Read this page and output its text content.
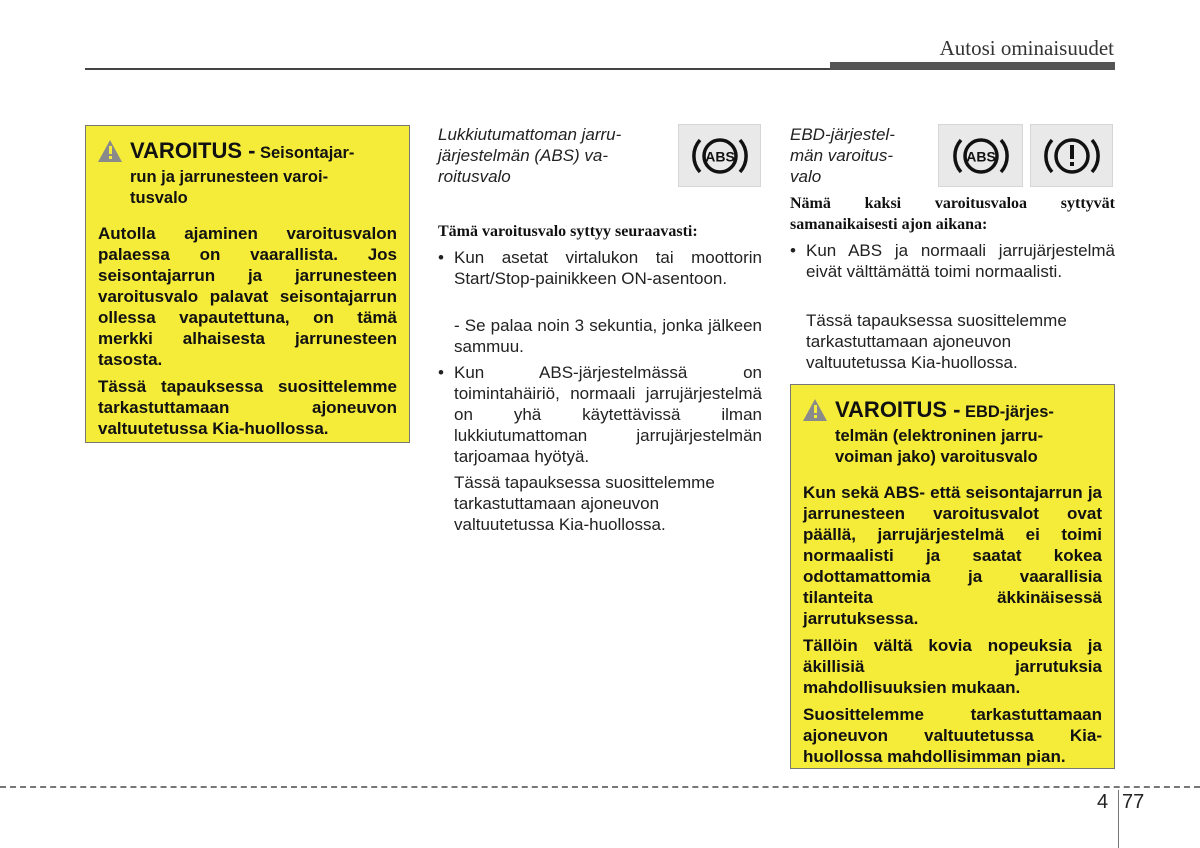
Autosi ominaisuudet
VAROITUS - Seisontajar-
run ja jarrunesteen varoi-
tusvalo

Autolla ajaminen varoitusvalon palaessa on vaarallista. Jos seisontajarrun ja jarrunesteen varoitusvalo palavat seisontajarrun ollessa vapautettuna, on tämä merkki alhaisesta jarrunesteen tasosta.

Tässä tapauksessa suosittelemme tarkastuttamaan ajoneuvon valtuutetussa Kia-huollossa.

Lukkiutumattoman jarru-
järjestelmän (ABS) va-
roitusvalo
ABS
Tämä varoitusvalo syttyy seuraavasti:
• Kun asetat virtalukon tai moottorin Start/Stop-painikkeen ON-asentoon.
- Se palaa noin 3 sekuntia, jonka jälkeen sammuu.
• Kun ABS-järjestelmässä on toimintahäiriö, normaali jarrujärjestelmä on yhä käytettävissä ilman lukkiutumattoman jarrujärjestelmän tarjoamaa hyötyä.
Tässä tapauksessa suosittelemme tarkastuttamaan ajoneuvon valtuutetussa Kia-huollossa.
EBD-järjestel-
män varoitus-
valo
ABS
Nämä kaksi varoitusvaloa syttyvät samanaikaisesti ajon aikana:
• Kun ABS ja normaali jarrujärjestelmä eivät välttämättä toimi normaalisti.
Tässä tapauksessa suosittelemme tarkastuttamaan ajoneuvon valtuutetussa Kia-huollossa.
VAROITUS - EBD-järjes-
telmän (elektroninen jarru-
voiman jako) varoitusvalo

Kun sekä ABS- että seisontajarrun ja jarrunesteen varoitusvalot ovat päällä, jarrujärjestelmä ei toimi normaalisti ja saatat kokea odottamattomia ja vaarallisia tilanteita äkkinäisessä jarrutuksessa.

Tällöin vältä kovia nopeuksia ja äkillisiä jarrutuksia mahdollisuuksien mukaan.

Suosittelemme tarkastuttamaan ajoneuvon valtuutetussa Kia-huollossa mahdollisimman pian.

4 77
